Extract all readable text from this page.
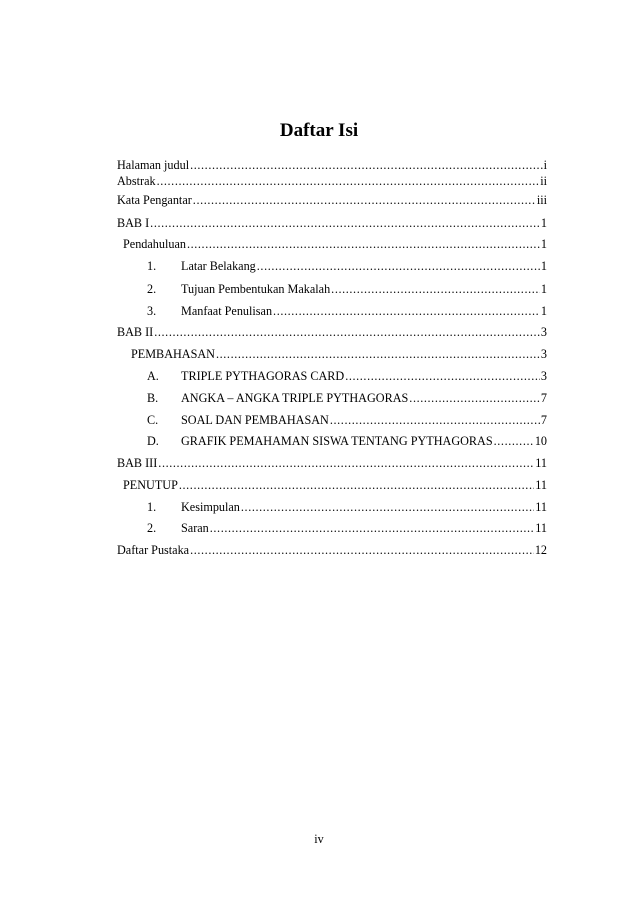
Daftar Isi
Halaman judul .....	i
Abstrak .....	ii
Kata Pengantar .....	iii
BAB I .....	1
Pendahuluan .....	1
1.	Latar Belakang .....	1
2.	Tujuan Pembentukan Makalah .....	1
3.	Manfaat Penulisan .....	1
BAB II .....	3
PEMBAHASAN .....	3
A.	TRIPLE PYTHAGORAS CARD .....	3
B.	ANGKA – ANGKA TRIPLE PYTHAGORAS .....	7
C.	SOAL DAN PEMBAHASAN .....	7
D.	GRAFIK PEMAHAMAN SISWA TENTANG PYTHAGORAS .....	10
BAB III .....	11
PENUTUP .....	11
1.	Kesimpulan .....	11
2.	Saran .....	11
Daftar Pustaka .....	12
iv
